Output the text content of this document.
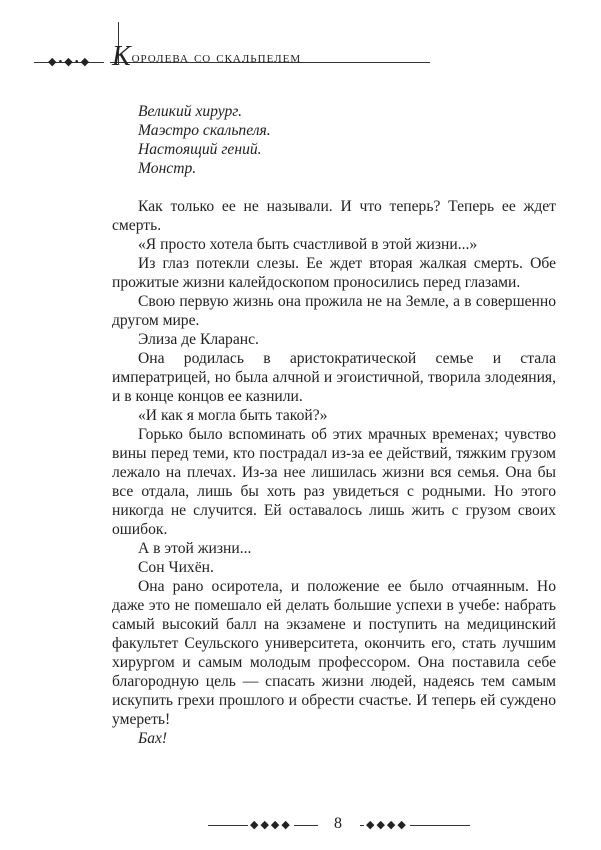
◆•◆•◆ Королева со скальпелем

Великий хирург.

Маэстро скальпеля.

Настоящий гений.

Монстр.

Как только ее не называли. И что теперь? Теперь ее ждет смерть.

«Я просто хотела быть счастливой в этой жизни...»

Из глаз потекли слезы. Ее ждет вторая жалкая смерть. Обе прожитые жизни калейдоскопом проносились перед глазами.

Свою первую жизнь она прожила не на Земле, а в совершенно другом мире.

Элиза де Кларанс.

Она родилась в аристократической семье и стала императрицей, но была алчной и эгоистичной, творила злодеяния, и в конце концов ее казнили.

«И как я могла быть такой?»

Горько было вспоминать об этих мрачных временах; чувство вины перед теми, кто пострадал из-за ее действий, тяжким грузом лежало на плечах. Из-за нее лишилась жизни вся семья. Она бы все отдала, лишь бы хоть раз увидеться с родными. Но этого никогда не случится. Ей оставалось лишь жить с грузом своих ошибок.

А в этой жизни...

Сон Чихён.

Она рано осиротела, и положение ее было отчаянным. Но даже это не помешало ей делать большие успехи в учебе: набрать самый высокий балл на экзамене и поступить на медицинский факультет Сеульского университета, окончить его, стать лучшим хирургом и самым молодым профессором. Она поставила себе благородную цель — спасать жизни людей, надеясь тем самым искупить грехи прошлого и обрести счастье. И теперь ей суждено умереть!

Бах!

◆◆◆◆	8	◆◆◆◆
